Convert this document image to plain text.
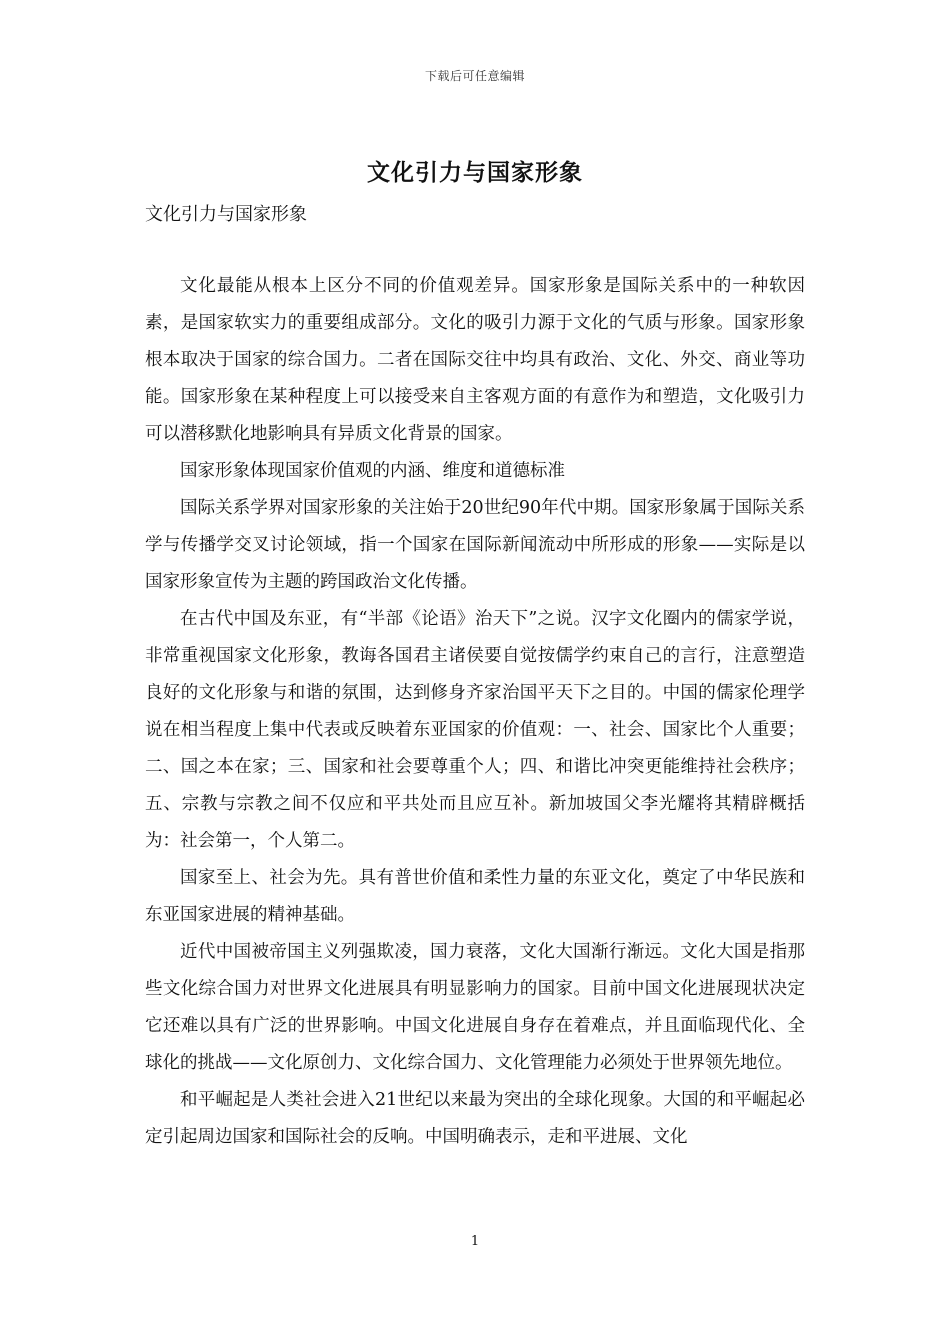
下载后可任意编辑
文化引力与国家形象

文化引力与国家形象

文化最能从根本上区分不同的价值观差异。国家形象是国际关系中的一种软因素，是国家软实力的重要组成部分。文化的吸引力源于文化的气质与形象。国家形象根本取决于国家的综合国力。二者在国际交往中均具有政治、文化、外交、商业等功能。国家形象在某种程度上可以接受来自主客观方面的有意作为和塑造，文化吸引力可以潜移默化地影响具有异质文化背景的国家。

国家形象体现国家价值观的内涵、维度和道德标准

国际关系学界对国家形象的关注始于20世纪90年代中期。国家形象属于国际关系学与传播学交叉讨论领域，指一个国家在国际新闻流动中所形成的形象——实际是以国家形象宣传为主题的跨国政治文化传播。

在古代中国及东亚，有“半部《论语》治天下”之说。汉字文化圈内的儒家学说，非常重视国家文化形象，教诲各国君主诸侯要自觉按儒学约束自己的言行，注意塑造良好的文化形象与和谐的氛围，达到修身齐家治国平天下之目的。中国的儒家伦理学说在相当程度上集中代表或反映着东亚国家的价值观：一、社会、国家比个人重要；二、国之本在家；三、国家和社会要尊重个人；四、和谐比冲突更能维持社会秩序；五、宗教与宗教之间不仅应和平共处而且应互补。新加坡国父李光耀将其精辟概括为：社会第一，个人第二。

国家至上、社会为先。具有普世价值和柔性力量的东亚文化，奠定了中华民族和东亚国家进展的精神基础。

近代中国被帝国主义列强欺凌，国力衰落，文化大国渐行渐远。文化大国是指那些文化综合国力对世界文化进展具有明显影响力的国家。目前中国文化进展现状决定它还难以具有广泛的世界影响。中国文化进展自身存在着难点，并且面临现代化、全球化的挑战——文化原创力、文化综合国力、文化管理能力必须处于世界领先地位。

和平崛起是人类社会进入21世纪以来最为突出的全球化现象。大国的和平崛起必定引起周边国家和国际社会的反响。中国明确表示，走和平进展、文化

1
